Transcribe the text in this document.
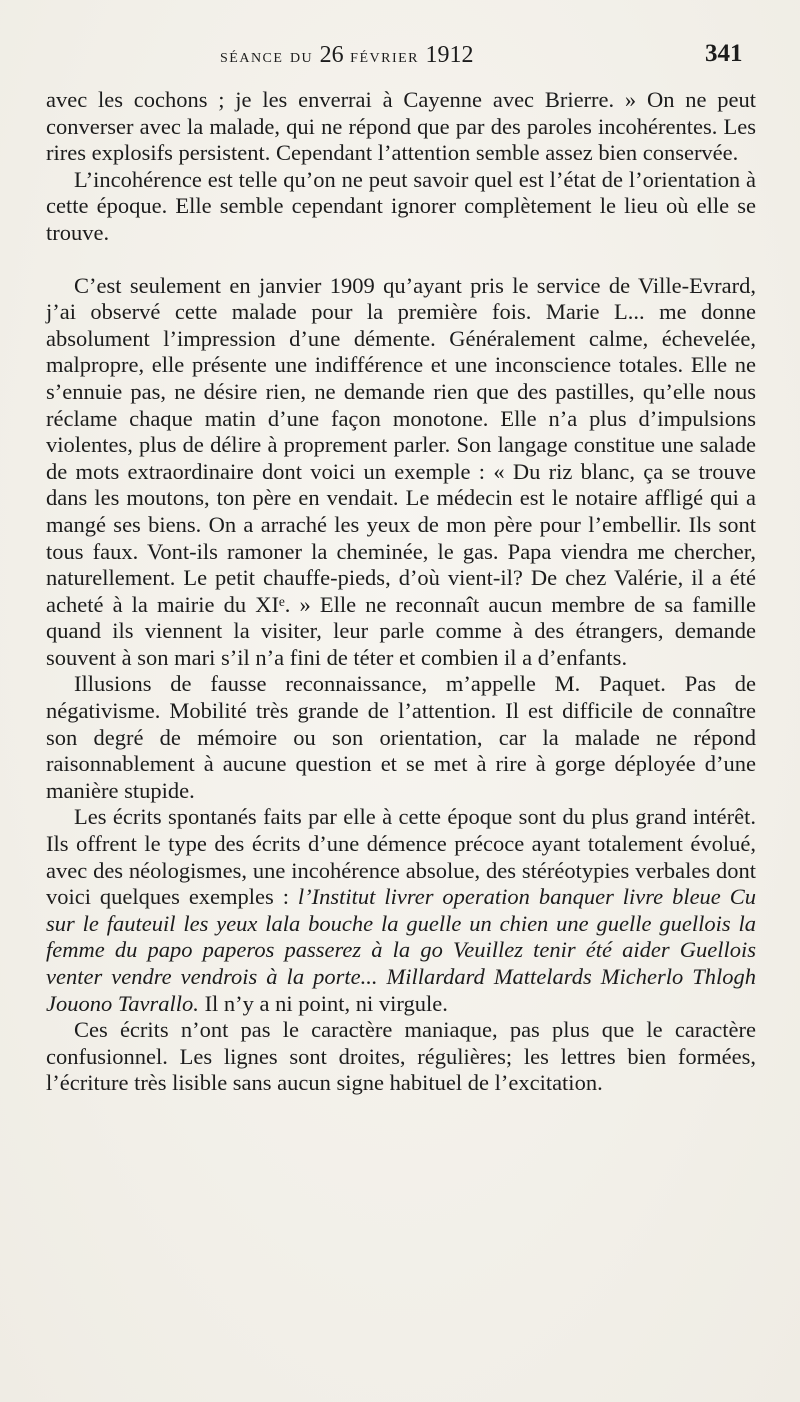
séance du 26 février 1912	341

avec les cochons ; je les enverrai à Cayenne avec Brierre. » On ne peut converser avec la malade, qui ne répond que par des paroles incohérentes. Les rires explosifs persistent. Cependant l’attention semble assez bien conservée.

L’incohérence est telle qu’on ne peut savoir quel est l’état de l’orientation à cette époque. Elle semble cependant ignorer complètement le lieu où elle se trouve.

C’est seulement en janvier 1909 qu’ayant pris le service de Ville-Evrard, j’ai observé cette malade pour la première fois. Marie L... me donne absolument l’impression d’une démente. Généralement calme, échevelée, malpropre, elle présente une indifférence et une inconscience totales. Elle ne s’ennuie pas, ne désire rien, ne demande rien que des pastilles, qu’elle nous réclame chaque matin d’une façon monotone. Elle n’a plus d’impulsions violentes, plus de délire à proprement parler. Son langage constitue une salade de mots extraordinaire dont voici un exemple : « Du riz blanc, ça se trouve dans les moutons, ton père en vendait. Le médecin est le notaire affligé qui a mangé ses biens. On a arraché les yeux de mon père pour l’embellir. Ils sont tous faux. Vont-ils ramoner la cheminée, le gas. Papa viendra me chercher, naturellement. Le petit chauffe-pieds, d’où vient-il? De chez Valérie, il a été acheté à la mairie du XIᵉ. » Elle ne reconnaît aucun membre de sa famille quand ils viennent la visiter, leur parle comme à des étrangers, demande souvent à son mari s’il n’a fini de téter et combien il a d’enfants.

Illusions de fausse reconnaissance, m’appelle M. Paquet. Pas de négativisme. Mobilité très grande de l’attention. Il est difficile de connaître son degré de mémoire ou son orientation, car la malade ne répond raisonnablement à aucune question et se met à rire à gorge déployée d’une manière stupide.

Les écrits spontanés faits par elle à cette époque sont du plus grand intérêt. Ils offrent le type des écrits d’une démence précoce ayant totalement évolué, avec des néologismes, une incohérence absolue, des stéréotypies verbales dont voici quelques exemples : l’Institut livrer operation banquer livre bleue Cu sur le fauteuil les yeux lala bouche la guelle un chien une guelle guellois la femme du papo paperos passerez à la go Veuillez tenir été aider Guellois venter vendre vendrois à la porte... Millardard Mattelards Micherlo Thlogh Jouono Tavrallo. Il n’y a ni point, ni virgule.

Ces écrits n’ont pas le caractère maniaque, pas plus que le caractère confusionnel. Les lignes sont droites, régulières; les lettres bien formées, l’écriture très lisible sans aucun signe habituel de l’excitation.
